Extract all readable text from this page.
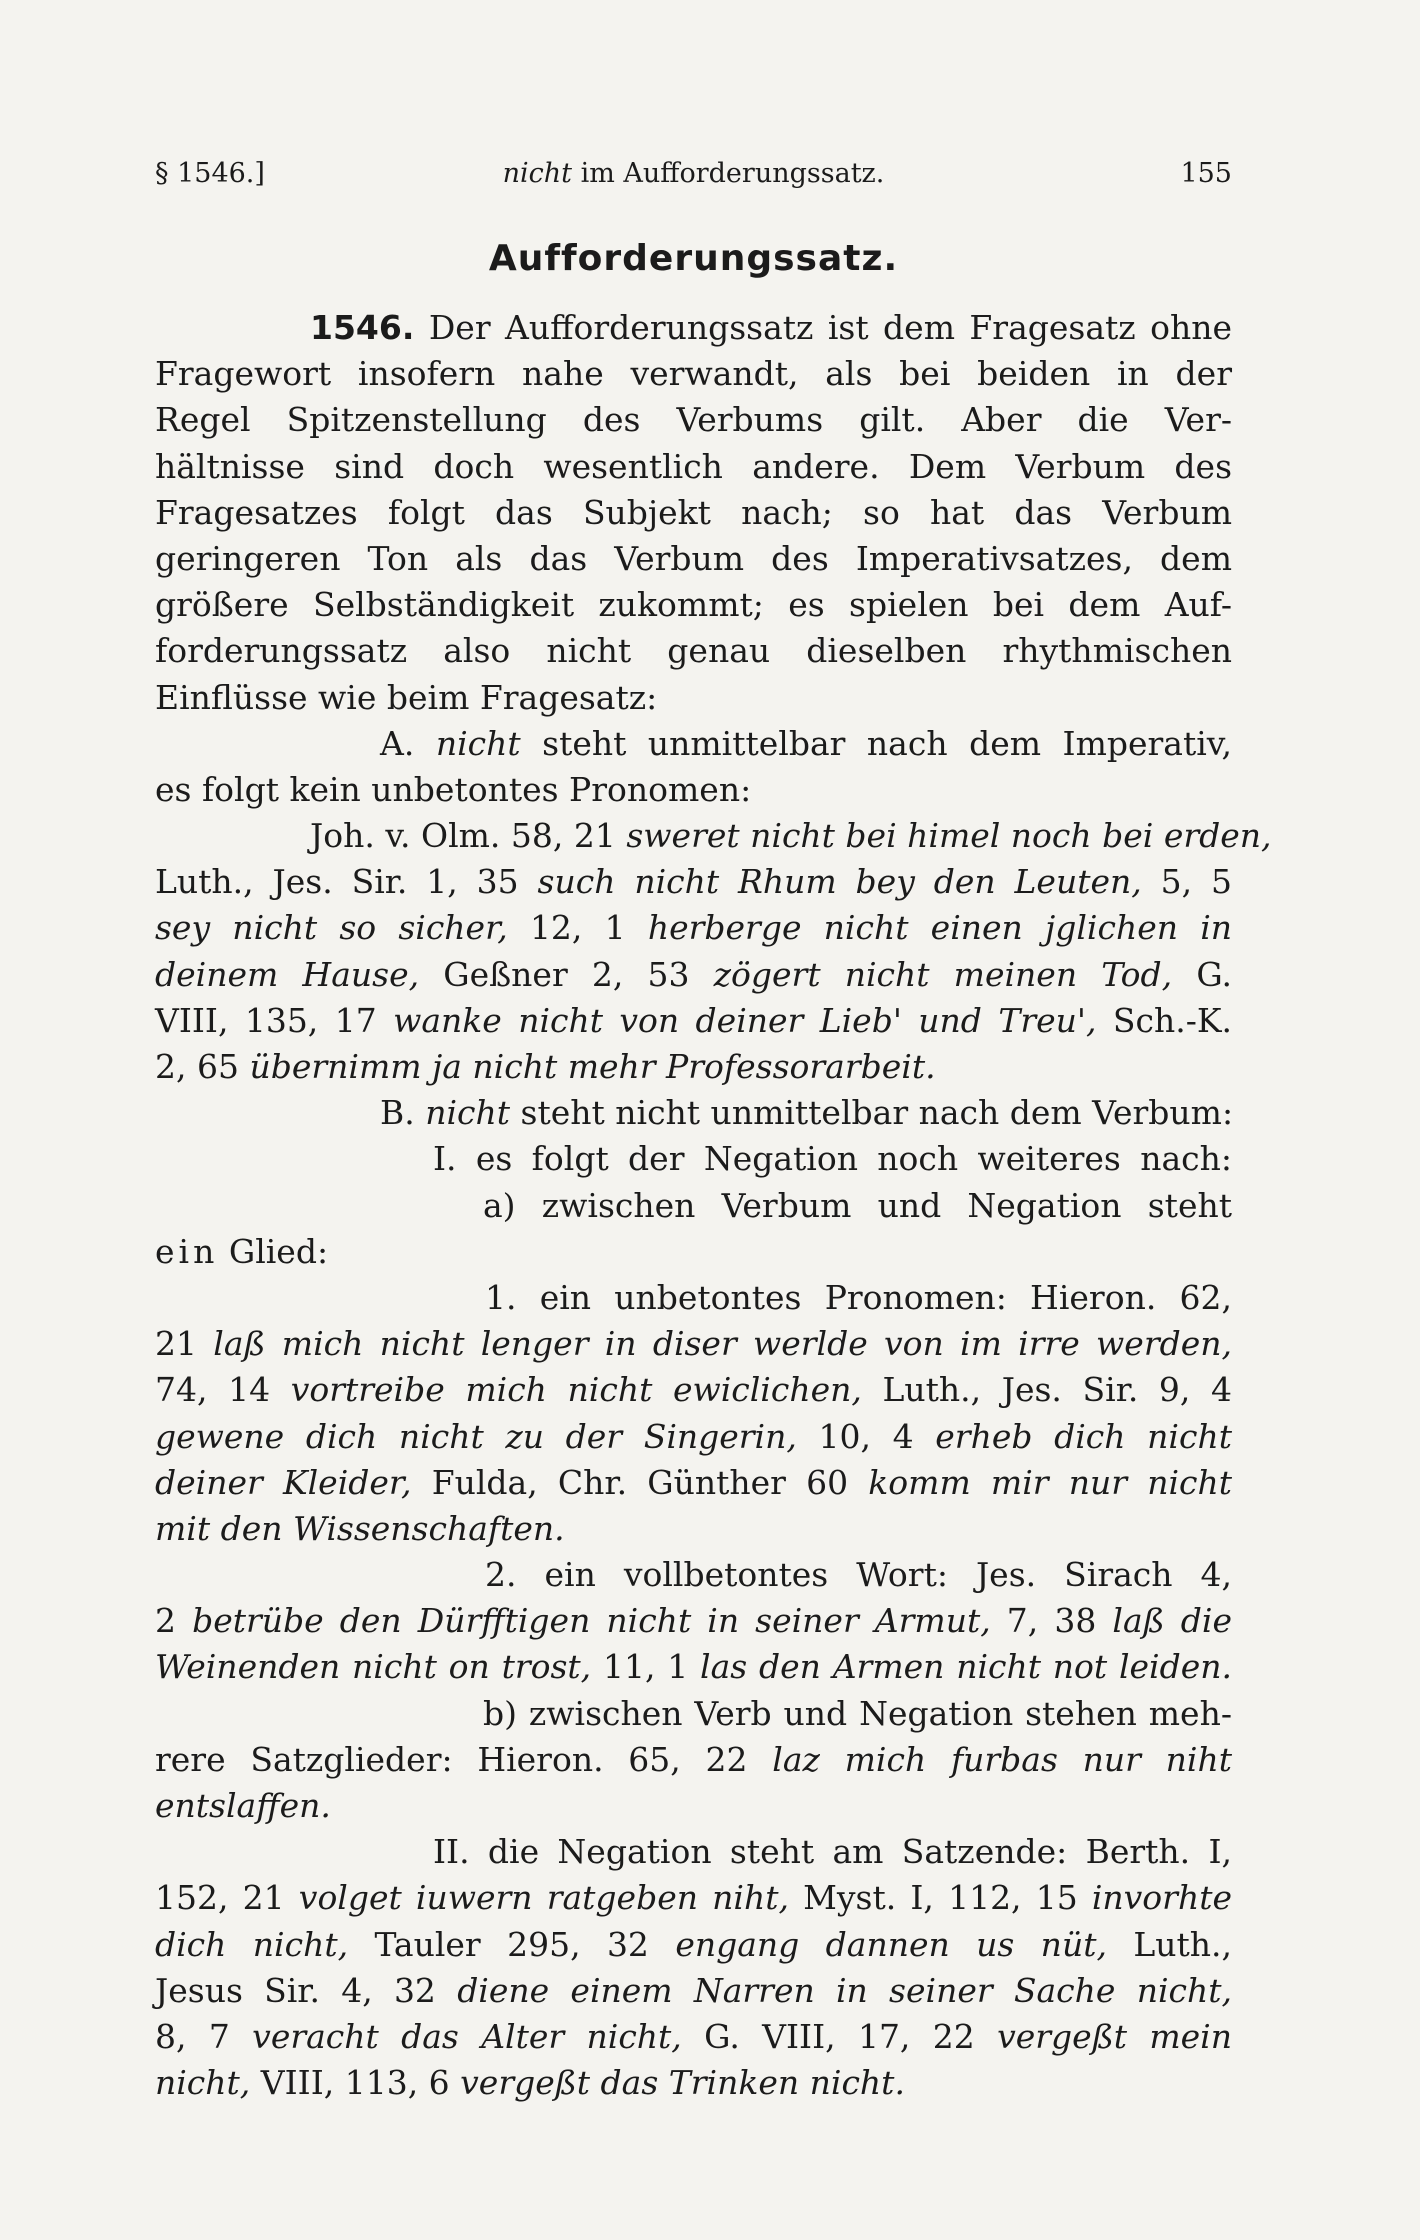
§ 1546.]	nicht im Aufforderungssatz.	155
Aufforderungssatz.
1546. Der Aufforderungssatz ist dem Fragesatz ohne
Fragewort insofern nahe verwandt, als bei beiden in der
Regel Spitzenstellung des Verbums gilt. Aber die Ver-
hältnisse sind doch wesentlich andere. Dem Verbum des
Fragesatzes folgt das Subjekt nach; so hat das Verbum
geringeren Ton als das Verbum des Imperativsatzes, dem
größere Selbständigkeit zukommt; es spielen bei dem Auf-
forderungssatz also nicht genau dieselben rhythmischen
Einflüsse wie beim Fragesatz:
A. nicht steht unmittelbar nach dem Imperativ,
es folgt kein unbetontes Pronomen:
Joh. v. Olm. 58, 21 sweret nicht bei himel noch bei erden,
Luth., Jes. Sir. 1, 35 such nicht Rhum bey den Leuten, 5, 5
sey nicht so sicher, 12, 1 herberge nicht einen jglichen in
deinem Hause, Geßner 2, 53 zögert nicht meinen Tod, G.
VIII, 135, 17 wanke nicht von deiner Lieb' und Treu', Sch.-K.
2, 65 übernimm ja nicht mehr Professorarbeit.
B. nicht steht nicht unmittelbar nach dem Verbum:
I. es folgt der Negation noch weiteres nach:
a) zwischen Verbum und Negation steht
ein Glied:
1. ein unbetontes Pronomen: Hieron. 62,
21 laß mich nicht lenger in diser werlde von im irre werden,
74, 14 vortreibe mich nicht ewiclichen, Luth., Jes. Sir. 9, 4
gewene dich nicht zu der Singerin, 10, 4 erheb dich nicht
deiner Kleider, Fulda, Chr. Günther 60 komm mir nur nicht
mit den Wissenschaften.
2. ein vollbetontes Wort: Jes. Sirach 4,
2 betrübe den Dürfftigen nicht in seiner Armut, 7, 38 laß die
Weinenden nicht on trost, 11, 1 las den Armen nicht not leiden.
b) zwischen Verb und Negation stehen meh-
rere Satzglieder: Hieron. 65, 22 laz mich furbas nur niht
entslaffen.
II. die Negation steht am Satzende: Berth. I,
152, 21 volget iuwern ratgeben niht, Myst. I, 112, 15 invorhte
dich nicht, Tauler 295, 32 engang dannen us nüt, Luth.,
Jesus Sir. 4, 32 diene einem Narren in seiner Sache nicht,
8, 7 veracht das Alter nicht, G. VIII, 17, 22 vergeßt mein
nicht, VIII, 113, 6 vergeßt das Trinken nicht.
